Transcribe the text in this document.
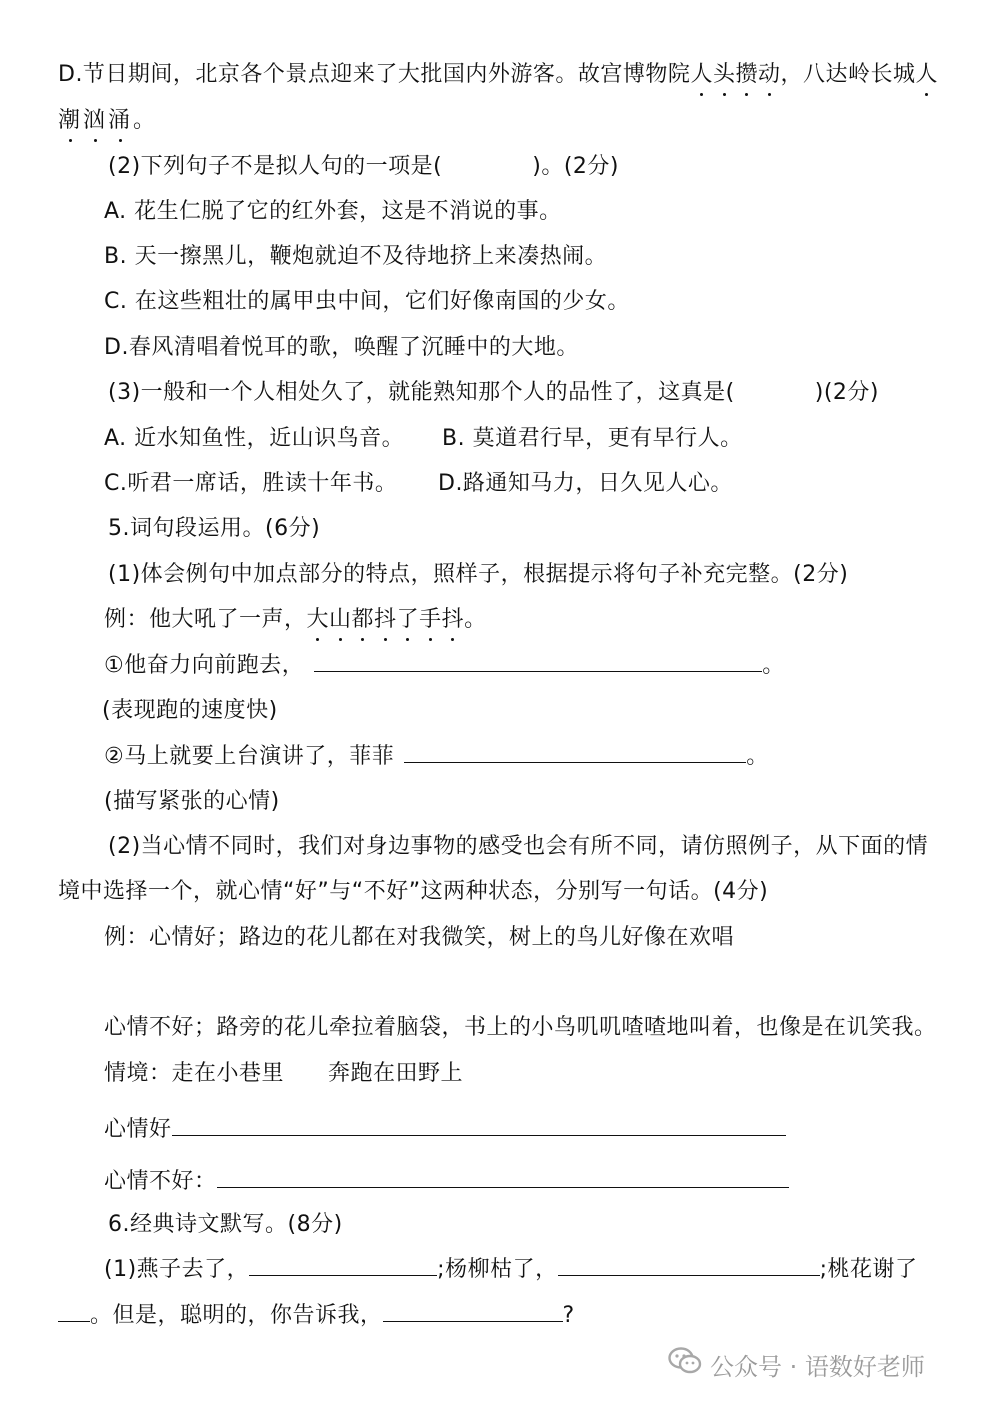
D.节日期间，北京各个景点迎来了大批国内外游客。故宫博物院人头攒动，八达岭长城人
潮汹涌。
(2)下列句子不是拟人句的一项是(	)。(2分)
A. 花生仁脱了它的红外套，这是不消说的事。
B. 天一擦黑儿，鞭炮就迫不及待地挤上来凑热闹。
C. 在这些粗壮的属甲虫中间，它们好像南国的少女。
D.春风清唱着悦耳的歌，唤醒了沉睡中的大地。
(3)一般和一个人相处久了，就能熟知那个人的品性了，这真是(	)(2分)
A. 近水知鱼性，近山识鸟音。 B. 莫道君行早，更有早行人。
C.听君一席话，胜读十年书。 D.路通知马力，日久见人心。
5.词句段运用。(6分)
(1)体会例句中加点部分的特点，照样子，根据提示将句子补充完整。(2分)
例：他大吼了一声，大山都抖了手抖。
①他奋力向前跑去，	。
(表现跑的速度快)
②马上就要上台演讲了，菲菲	。
(描写紧张的心情)
(2)当心情不同时，我们对身边事物的感受也会有所不同，请仿照例子，从下面的情
境中选择一个，就心情“好”与“不好”这两种状态，分别写一句话。(4分)
例：心情好；路边的花儿都在对我微笑，树上的鸟儿好像在欢唱
心情不好；路旁的花儿牵拉着脑袋，书上的小鸟叽叽喳喳地叫着，也像是在讥笑我。
情境：走在小巷里 奔跑在田野上
心情好
心情不好：
6.经典诗文默写。(8分)
(1)燕子去了，	;杨柳枯了，	;桃花谢了
。但是，聪明的，你告诉我，	?
公众号 · 语数好老师
